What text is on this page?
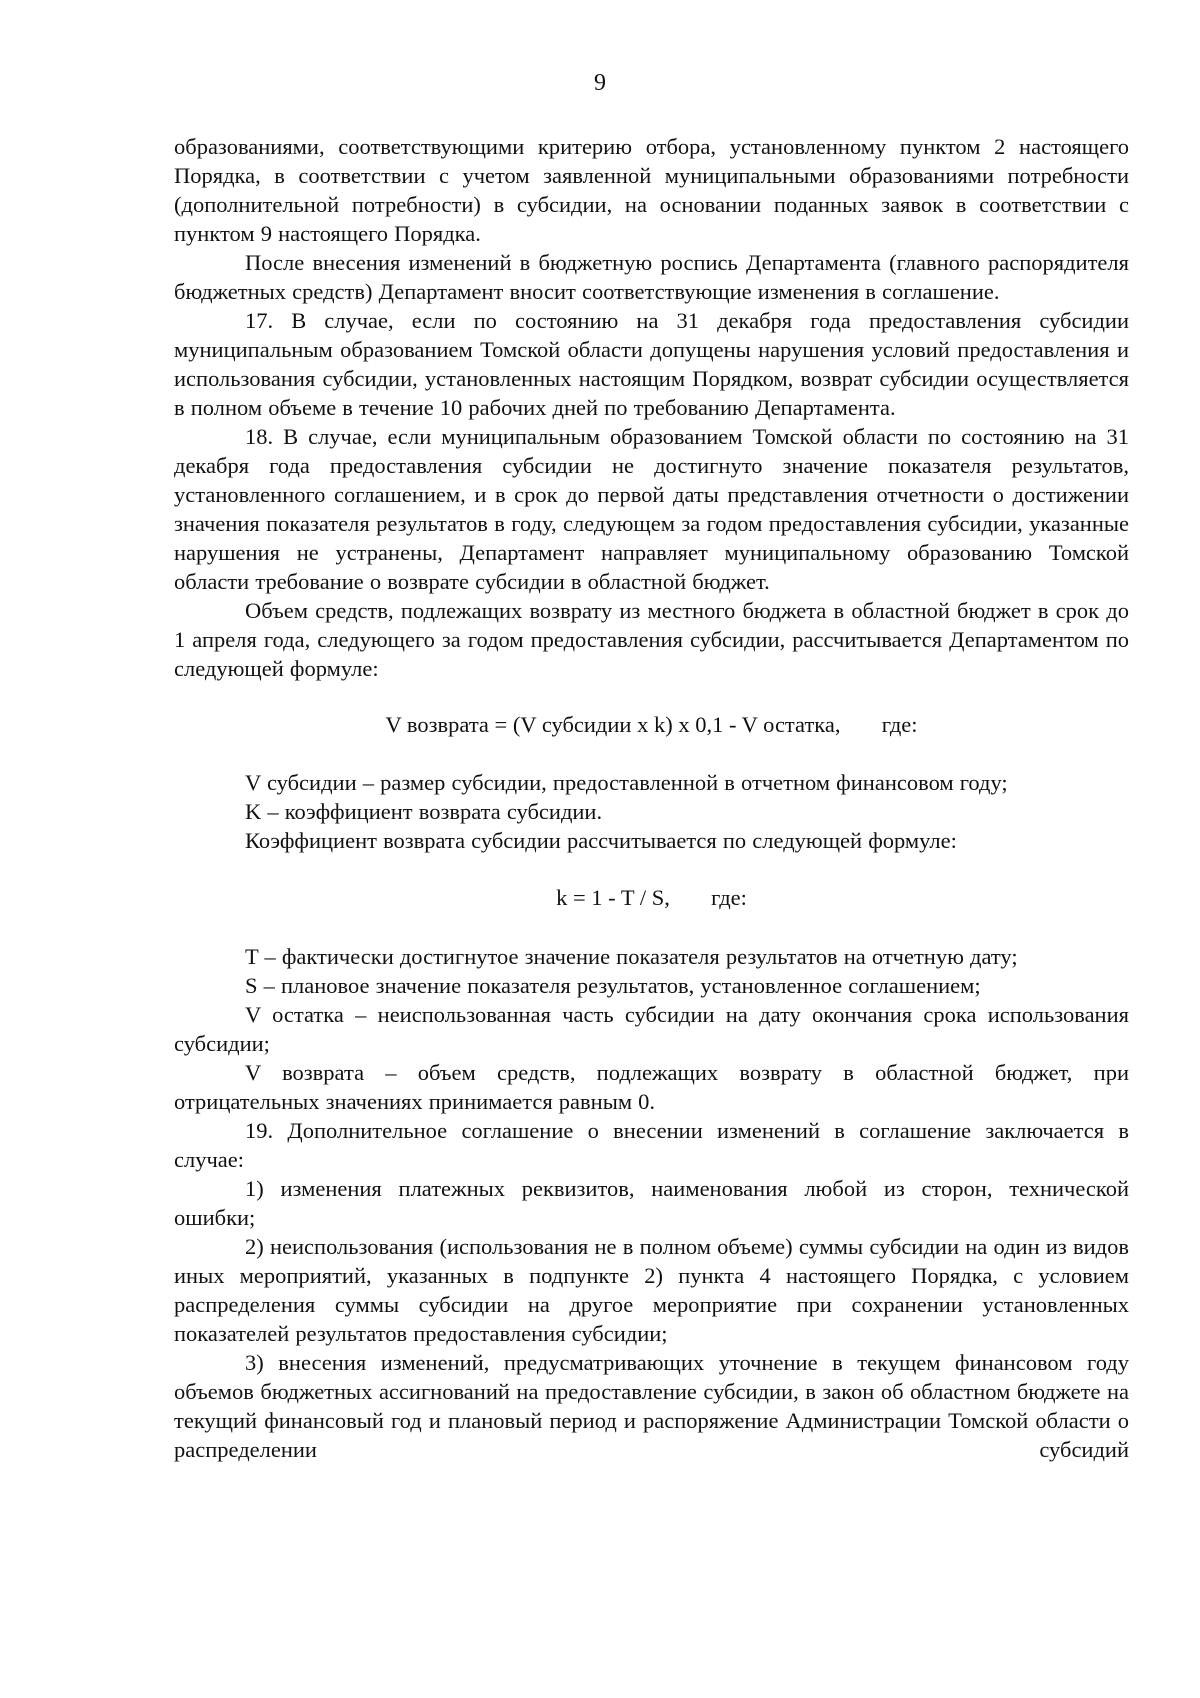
9

образованиями, соответствующими критерию отбора, установленному пунктом 2 настоящего Порядка, в соответствии с учетом заявленной муниципальными образованиями потребности (дополнительной потребности) в субсидии, на основании поданных заявок в соответствии с пунктом 9 настоящего Порядка.

После внесения изменений в бюджетную роспись Департамента (главного распорядителя бюджетных средств) Департамент вносит соответствующие изменения в соглашение.

17. В случае, если по состоянию на 31 декабря года предоставления субсидии муниципальным образованием Томской области допущены нарушения условий предоставления и использования субсидии, установленных настоящим Порядком, возврат субсидии осуществляется в полном объеме в течение 10 рабочих дней по требованию Департамента.

18. В случае, если муниципальным образованием Томской области по состоянию на 31 декабря года предоставления субсидии не достигнуто значение показателя результатов, установленного соглашением, и в срок до первой даты представления отчетности о достижении значения показателя результатов в году, следующем за годом предоставления субсидии, указанные нарушения не устранены, Департамент направляет муниципальному образованию Томской области требование о возврате субсидии в областной бюджет.

Объем средств, подлежащих возврату из местного бюджета в областной бюджет в срок до 1 апреля года, следующего за годом предоставления субсидии, рассчитывается Департаментом по следующей формуле:

V возврата = (V субсидии x k) x 0,1 - V остатка, где:

V субсидии – размер субсидии, предоставленной в отчетном финансовом году;

K – коэффициент возврата субсидии.

Коэффициент возврата субсидии рассчитывается по следующей формуле:

k = 1 - T / S, где:

T – фактически достигнутое значение показателя результатов на отчетную дату;

S – плановое значение показателя результатов, установленное соглашением;

V остатка – неиспользованная часть субсидии на дату окончания срока использования субсидии;

V возврата – объем средств, подлежащих возврату в областной бюджет, при отрицательных значениях принимается равным 0.

19. Дополнительное соглашение о внесении изменений в соглашение заключается в случае:

1) изменения платежных реквизитов, наименования любой из сторон, технической ошибки;

2) неиспользования (использования не в полном объеме) суммы субсидии на один из видов иных мероприятий, указанных в подпункте 2) пункта 4 настоящего Порядка, с условием распределения суммы субсидии на другое мероприятие при сохранении установленных показателей результатов предоставления субсидии;

3) внесения изменений, предусматривающих уточнение в текущем финансовом году объемов бюджетных ассигнований на предоставление субсидии, в закон об областном бюджете на текущий финансовый год и плановый период и распоряжение Администрации Томской области о распределении субсидий
